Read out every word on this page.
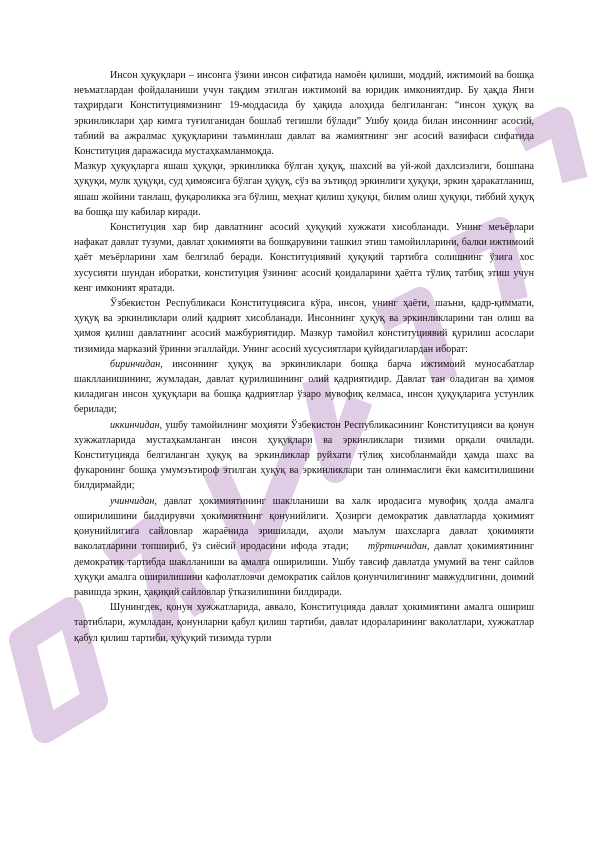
Инсон ҳуқуқлари – инсонга ўзини инсон сифатида намоён қилиши, моддий, ижтимоий ва бошқа неъматлардан фойдаланиши учун тақдим этилган ижтимоий ва юридик имкониятдир. Бу ҳақда Янги таҳрирдаги Конституциямизнинг 19-моддасида бу ҳақида алоҳида белгиланган: “инсон ҳуқуқ ва эркинликлари ҳар кимга туғилганидан бошлаб тегишли бўлади” Ушбу қоида билан инсоннинг асосий, табиий ва ажралмас ҳуқуқларини таъминлаш давлат ва жамиятнинг энг асосий вазифаси сифатида Конституция даражасида мустаҳкамланмоқда.

Мазкур ҳуқуқларга яшаш ҳуқуқи, эркинликка бўлган ҳуқуқ, шахсий ва уй-жой дахлсизлиги, бошпана ҳуқуқи, мулк ҳуқуқи, суд ҳимоясига бўлган ҳуқуқ, сўз ва эътиқод эркинлиги ҳуқуқи, эркин ҳаракатланиш, яшаш жойини танлаш, фуқароликка эга бўлиш, меҳнат қилиш ҳуқуқи, билим олиш ҳуқуқи, тиббий ҳуқуқ ва бошқа шу кабилар киради.

Конституция хар бир давлатнинг асосий ҳуқуқий хужжати хисобланади. Унинг меъёрлари нафакат давлат тузуми, давлат ҳокимияти ва бошқарувини ташкил этиш тамойилларини, балки ижтимоий ҳаёт меъёрларини хам белгилаб беради. Конституциявий ҳуқуқий тартибга солишнинг ўзига хос хусусияти шундан иборатки, конституция ўзининг асосий қоидаларини ҳаётга тўлиқ татбиқ этиш учун кенг имконият яратади.

Ўзбекистон Республикаси Конституциясига кўра, инсон, унинг ҳаёти, шаъни, қадр-қиммати, ҳуқуқ ва эркинликлари олий қадрият хисобланади. Инсоннинг ҳуқуқ ва эркинликларини тан олиш ва ҳимоя қилиш давлатнинг асосий мажбуриятидир. Мазкур тамойил конституциявий қурилиш асослари тизимида марказий ўринни эгаллайди. Унинг асосий хусусиятлари қуйидагилардан иборат:

биринчидан, инсоннинг ҳуқуқ ва эркинликлари бошқа барча ижтимоий муносабатлар шаклланишининг, жумладан, давлат қурилишининг олий қадриятидир. Давлат тан оладиган ва ҳимоя киладиган инсон ҳуқуқлари ва бошқа қадриятлар ўзаро мувофиқ келмаса, инсон ҳуқуқларига устунлик берилади;

иккинчидан, ушбу тамойилнинг моҳияти Ўзбекистон Республикасининг Конституцияси ва қонун хужжатларида мустаҳкамланган инсон ҳуқуқлари ва эркинликлари тизими орқали очилади. Конституцияда белгиланган ҳуқуқ ва эркинликлар руйхати тўлиқ хисобланмайди ҳамда шахс ва фукаронинг бошқа умумэътироф этилган ҳуқуқ ва эркинликлари тан олинмаслиги ёки камситилишини билдирмайди;

учинчидан, давлат ҳокимиятининг шаклланиши ва халк иродасига мувофиқ ҳолда амалга оширилишини билдирувчи ҳокимиятнинг қонунийлиги. Ҳозирги демократик давлатларда ҳокимият қонунийлигига сайловлар жараёнида эришилади, аҳоли маълум шахсларга давлат ҳокимияти ваколатларини топшириб, ўз сиёсий иродасини ифода этади; тўртинчидан, давлат ҳокимиятининг демократик тартибда шаклланиши ва амалга оширилиши. Ушбу тавсиф давлатда умумий ва тенг сайлов ҳуқуқи амалга оширилишини кафолатловчи демократик сайлов қонунчилигининг мавжудлигини, доимий равишда эркин, ҳақиқий сайловлар ўтказилишини билдиради.

Шунингдек, қонун хужжатларида, аввало, Конституцияда давлат ҳокимиятини амалга ошириш тартиблари, жумладан, қонунларни қабул қилиш тартиби, давлат идораларининг ваколатлари, хужжатлар қабул қилиш тартиби, ҳуқуқий тизимда турли
